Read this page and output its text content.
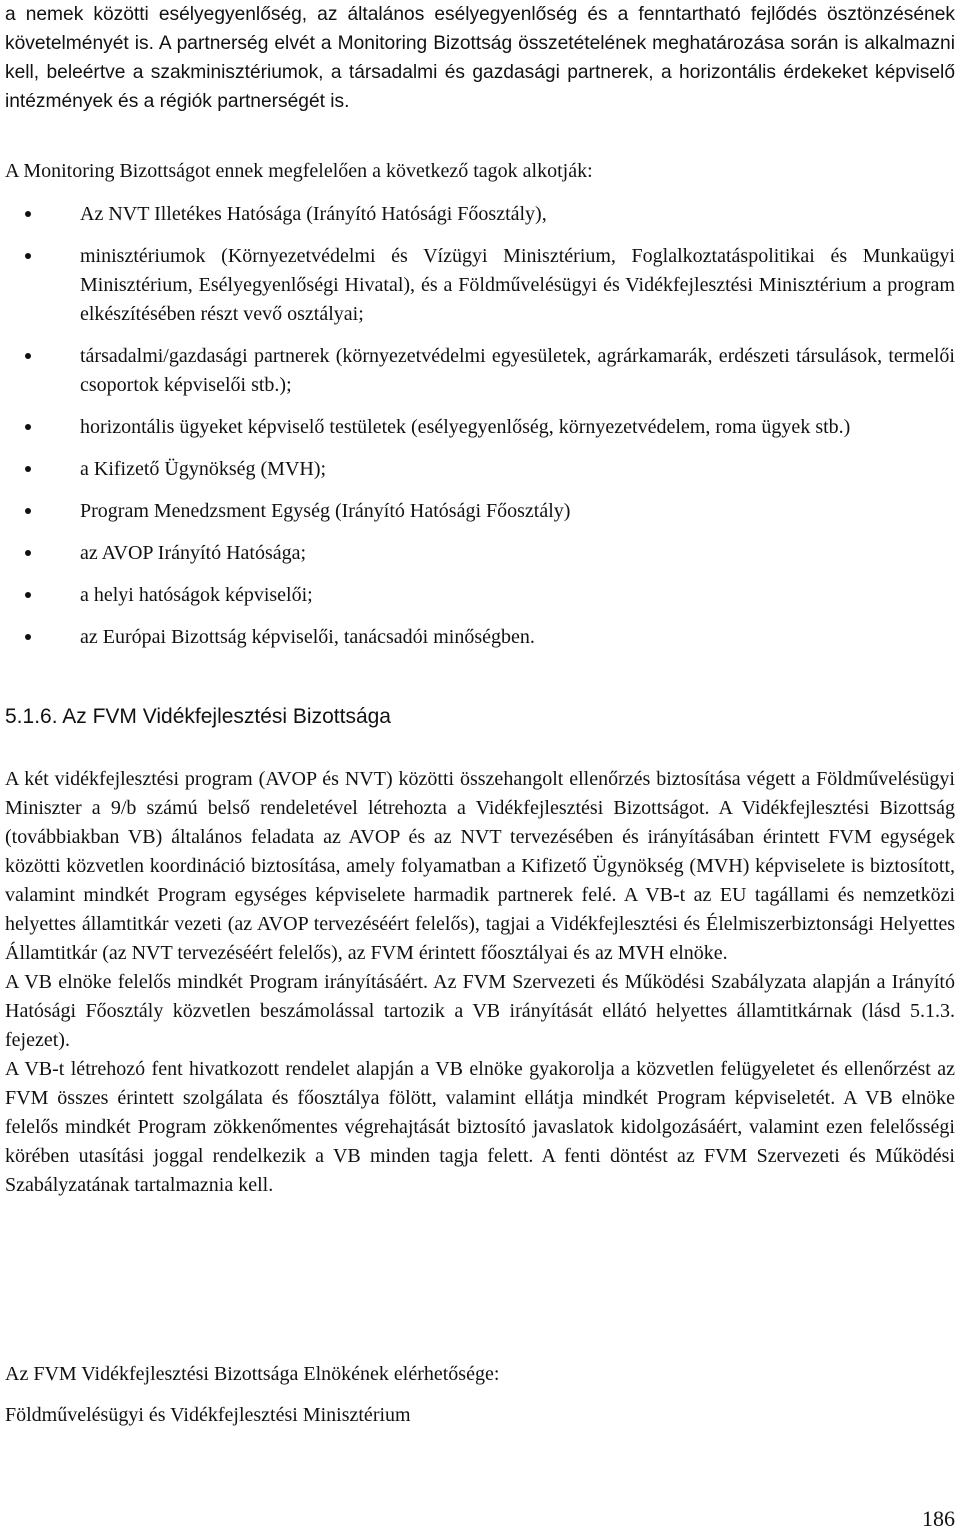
a nemek közötti esélyegyenlőség, az általános esélyegyenlőség és a fenntartható fejlődés ösztönzésének követelményét is. A partnerség elvét a Monitoring Bizottság összetételének meghatározása során is alkalmazni kell, beleértve a szakminisztériumok, a társadalmi és gazdasági partnerek, a horizontális érdekeket képviselő intézmények és a régiók partnerségét is.

A Monitoring Bizottságot ennek megfelelően a következő tagok alkotják:

Az NVT Illetékes Hatósága (Irányító Hatósági Főosztály),
minisztériumok (Környezetvédelmi és Vízügyi Minisztérium, Foglalkoztatáspolitikai és Munkaügyi Minisztérium, Esélyegyenlőségi Hivatal), és a Földművelésügyi és Vidékfejlesztési Minisztérium a program elkészítésében részt vevő osztályai;
társadalmi/gazdasági partnerek (környezetvédelmi egyesületek, agrárkamarák, erdészeti társulások, termelői csoportok képviselői stb.);
horizontális ügyeket képviselő testületek (esélyegyenlőség, környezetvédelem, roma ügyek stb.)
a Kifizető Ügynökség (MVH);
Program Menedzsment Egység (Irányító Hatósági Főosztály)
az AVOP Irányító Hatósága;
a helyi hatóságok képviselői;
az Európai Bizottság képviselői, tanácsadói minőségben.
5.1.6. Az FVM Vidékfejlesztési Bizottsága

A két vidékfejlesztési program (AVOP és NVT) közötti összehangolt ellenőrzés biztosítása végett a Földművelésügyi Miniszter a 9/b számú belső rendeletével létrehozta a Vidékfejlesztési Bizottságot. A Vidékfejlesztési Bizottság (továbbiakban VB) általános feladata az AVOP és az NVT tervezésében és irányításában érintett FVM egységek közötti közvetlen koordináció biztosítása, amely folyamatban a Kifizető Ügynökség (MVH) képviselete is biztosított, valamint mindkét Program egységes képviselete harmadik partnerek felé. A VB-t az EU tagállami és nemzetközi helyettes államtitkár vezeti (az AVOP tervezéséért felelős), tagjai a Vidékfejlesztési és Élelmiszerbiztonsági Helyettes Államtitkár (az NVT tervezéséért felelős), az FVM érintett főosztályai és az MVH elnöke.

A VB elnöke felelős mindkét Program irányításáért. Az FVM Szervezeti és Működési Szabályzata alapján a Irányító Hatósági Főosztály közvetlen beszámolással tartozik a VB irányítását ellátó helyettes államtitkárnak (lásd 5.1.3. fejezet).

A VB-t létrehozó fent hivatkozott rendelet alapján a VB elnöke gyakorolja a közvetlen felügyeletet és ellenőrzést az FVM összes érintett szolgálata és főosztálya fölött, valamint ellátja mindkét Program képviseletét. A VB elnöke felelős mindkét Program zökkenőmentes végrehajtását biztosító javaslatok kidolgozásáért, valamint ezen felelősségi körében utasítási joggal rendelkezik a VB minden tagja felett. A fenti döntést az FVM Szervezeti és Működési Szabályzatának tartalmaznia kell.

Az FVM Vidékfejlesztési Bizottsága Elnökének elérhetősége:

Földművelésügyi és Vidékfejlesztési Minisztérium

186
